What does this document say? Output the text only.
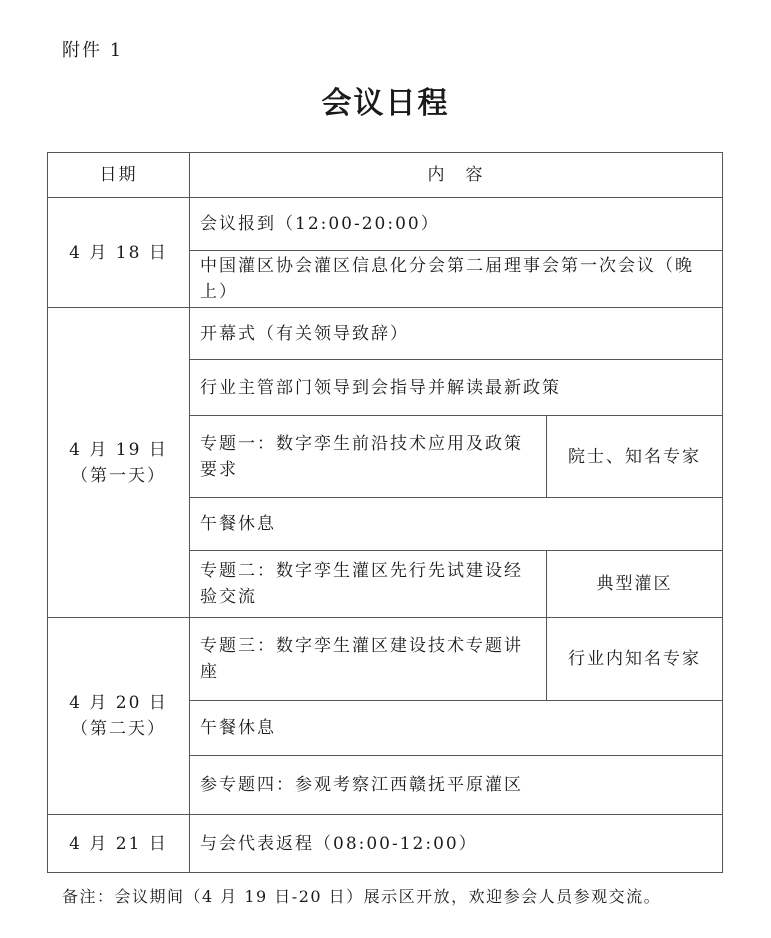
附件 1
会议日程
日期	内　容	

4 月 18 日	会议报到（12:00-20:00）	
	中国灌区协会灌区信息化分会第二届理事会第一次会议（晚上）	

4 月 19 日
（第一天）	开幕式（有关领导致辞）	
	行业主管部门领导到会指导并解读最新政策	
	专题一：数字孪生前沿技术应用及政策要求	院士、知名专家
	午餐休息	
	专题二：数字孪生灌区先行先试建设经验交流	典型灌区

4 月 20 日
（第二天）	专题三：数字孪生灌区建设技术专题讲座	行业内知名专家
	午餐休息	
	参专题四：参观考察江西赣抚平原灌区	

4 月 21 日	与会代表返程（08:00-12:00）	
备注：会议期间（4 月 19 日-20 日）展示区开放，欢迎参会人员参观交流。
